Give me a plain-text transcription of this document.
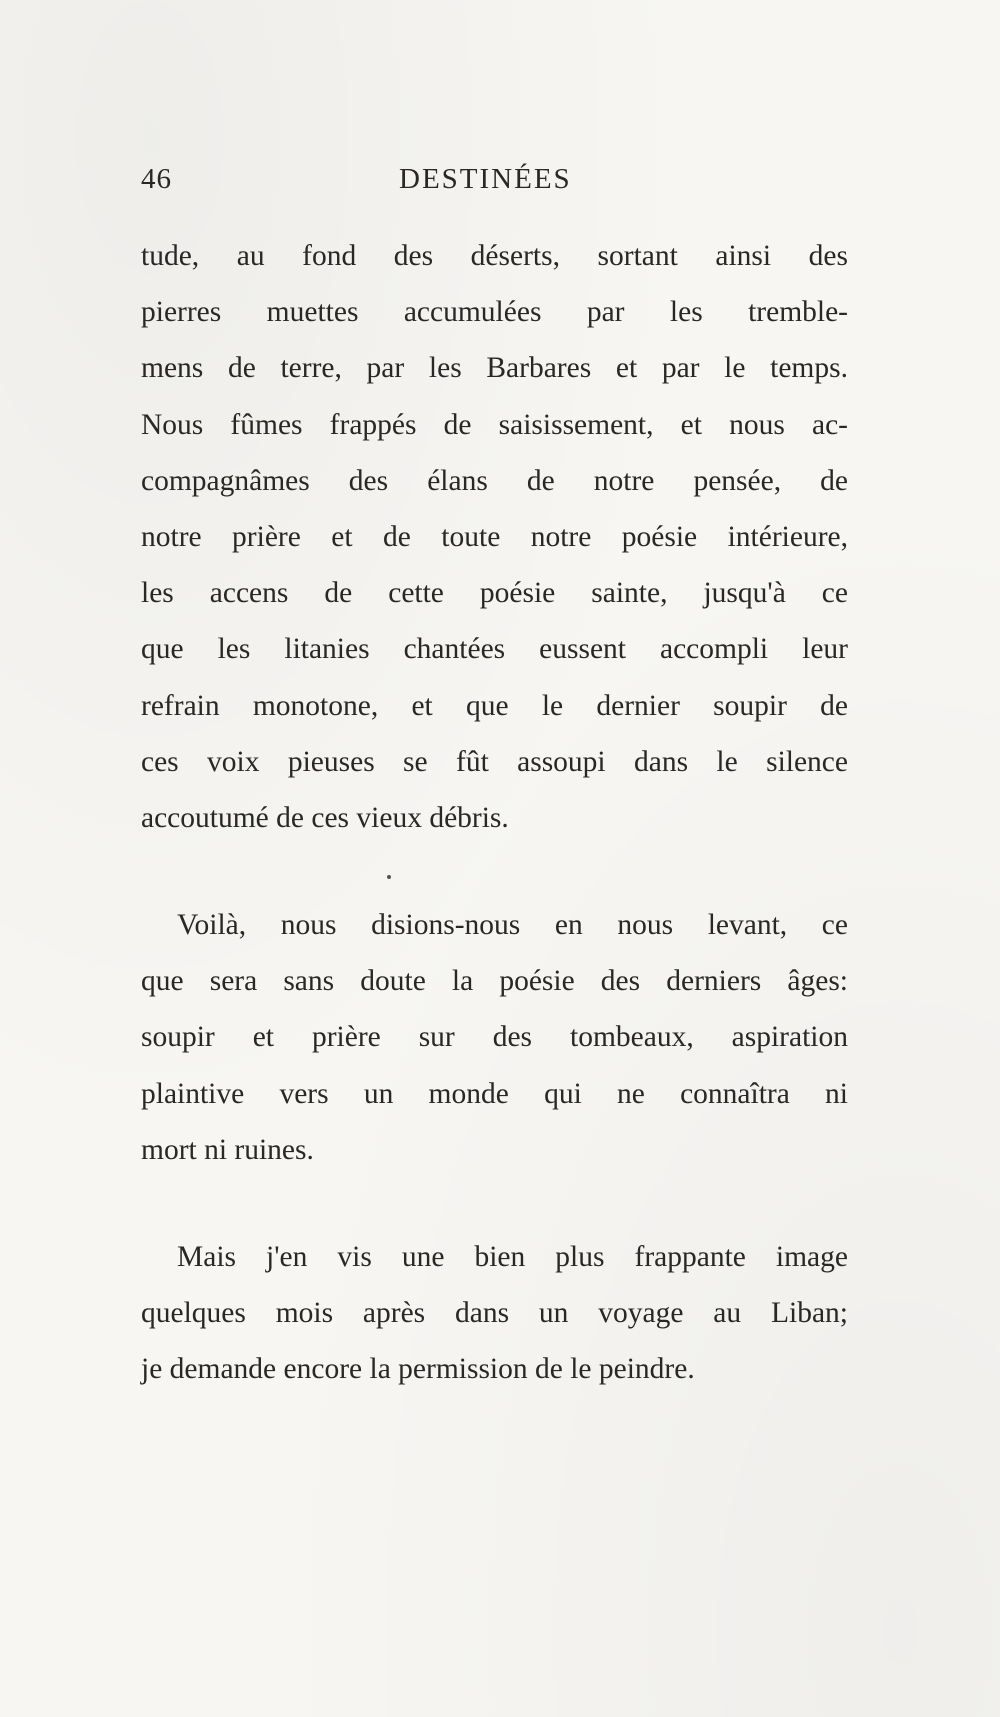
46	DESTINÉES
tude, au fond des déserts, sortant ainsi des
pierres muettes accumulées par les tremble-
mens de terre, par les Barbares et par le temps.
Nous fûmes frappés de saisissement, et nous ac-
compagnâmes des élans de notre pensée, de
notre prière et de toute notre poésie intérieure,
les accens de cette poésie sainte, jusqu'à ce
que les litanies chantées eussent accompli leur
refrain monotone, et que le dernier soupir de
ces voix pieuses se fût assoupi dans le silence
accoutumé de ces vieux débris.
Voilà, nous disions-nous en nous levant, ce
que sera sans doute la poésie des derniers âges:
soupir et prière sur des tombeaux, aspiration
plaintive vers un monde qui ne connaîtra ni
mort ni ruines.
Mais j'en vis une bien plus frappante image
quelques mois après dans un voyage au Liban;
je demande encore la permission de le peindre.
